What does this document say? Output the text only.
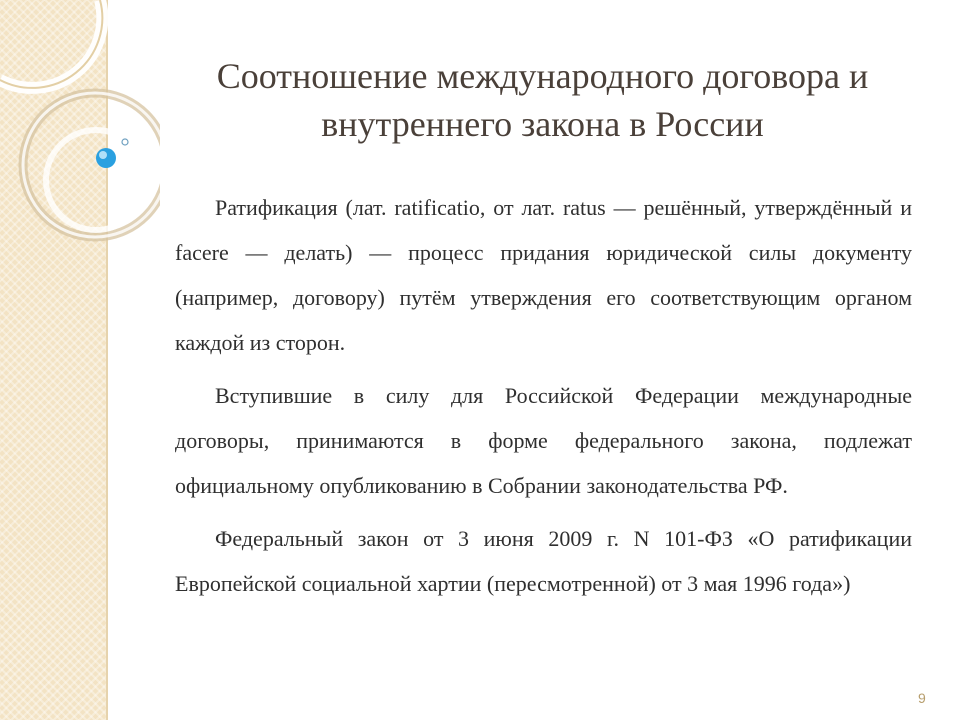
Соотношение международного договора и внутреннего закона в России

Ратификация (лат. ratificatio, от лат. ratus — решённый, утверждённый и facere — делать) — процесс придания юридической силы документу (например, договору) путём утверждения его соответствующим органом каждой из сторон.

Вступившие в силу для Российской Федерации международные договоры, принимаются в форме федерального закона, подлежат официальному опубликованию в Собрании законодательства РФ.

Федеральный закон от 3 июня 2009 г. N 101-ФЗ «О ратификации Европейской социальной хартии (пересмотренной) от 3 мая 1996 года»)

9
